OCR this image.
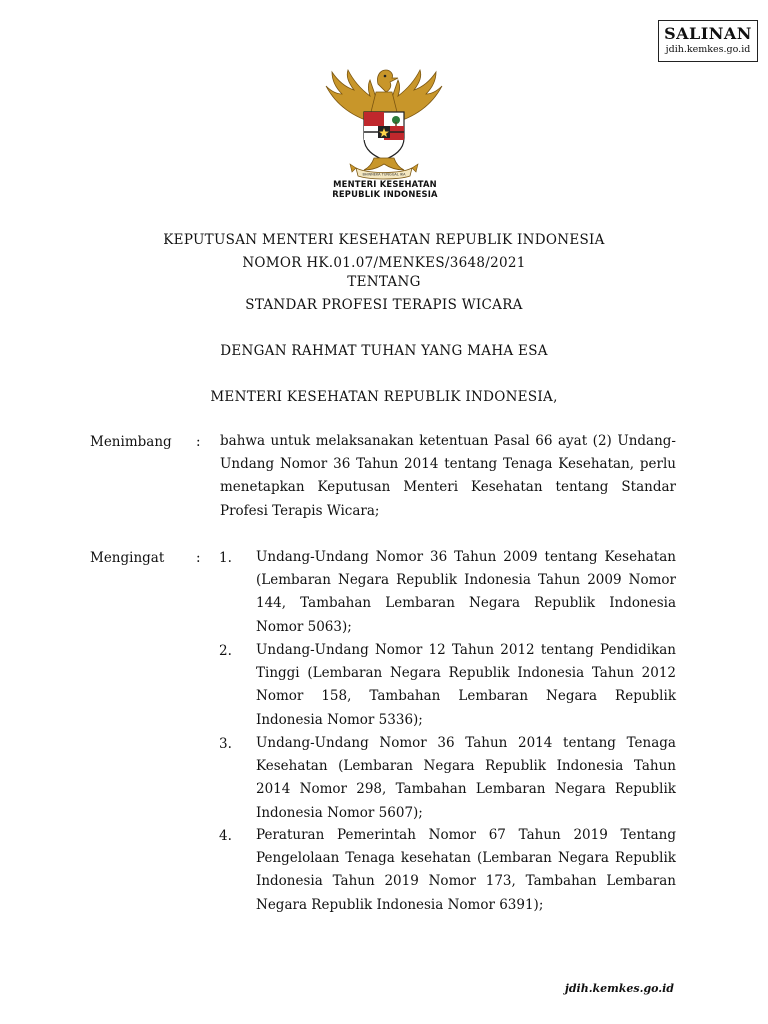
SALINAN
jdih.kemkes.go.id
BHINNEKA TUNGGAL IKA
MENTERI KESEHATAN
REPUBLIK INDONESIA
KEPUTUSAN MENTERI KESEHATAN REPUBLIK INDONESIA
NOMOR HK.01.07/MENKES/3648/2021
TENTANG
STANDAR PROFESI TERAPIS WICARA
DENGAN RAHMAT TUHAN YANG MAHA ESA
MENTERI KESEHATAN REPUBLIK INDONESIA,
Menimbang : bahwa untuk melaksanakan ketentuan Pasal 66 ayat (2) Undang-Undang Nomor 36 Tahun 2014 tentang Tenaga Kesehatan, perlu menetapkan Keputusan Menteri Kesehatan tentang Standar Profesi Terapis Wicara;
Mengingat : 1. Undang-Undang Nomor 36 Tahun 2009 tentang Kesehatan (Lembaran Negara Republik Indonesia Tahun 2009 Nomor 144, Tambahan Lembaran Negara Republik Indonesia Nomor 5063);
2. Undang-Undang Nomor 12 Tahun 2012 tentang Pendidikan Tinggi (Lembaran Negara Republik Indonesia Tahun 2012 Nomor 158, Tambahan Lembaran Negara Republik Indonesia Nomor 5336);
3. Undang-Undang Nomor 36 Tahun 2014 tentang Tenaga Kesehatan (Lembaran Negara Republik Indonesia Tahun 2014 Nomor 298, Tambahan Lembaran Negara Republik Indonesia Nomor 5607);
4. Peraturan Pemerintah Nomor 67 Tahun 2019 Tentang Pengelolaan Tenaga kesehatan (Lembaran Negara Republik Indonesia Tahun 2019 Nomor 173, Tambahan Lembaran Negara Republik Indonesia Nomor 6391);
jdih.kemkes.go.id
